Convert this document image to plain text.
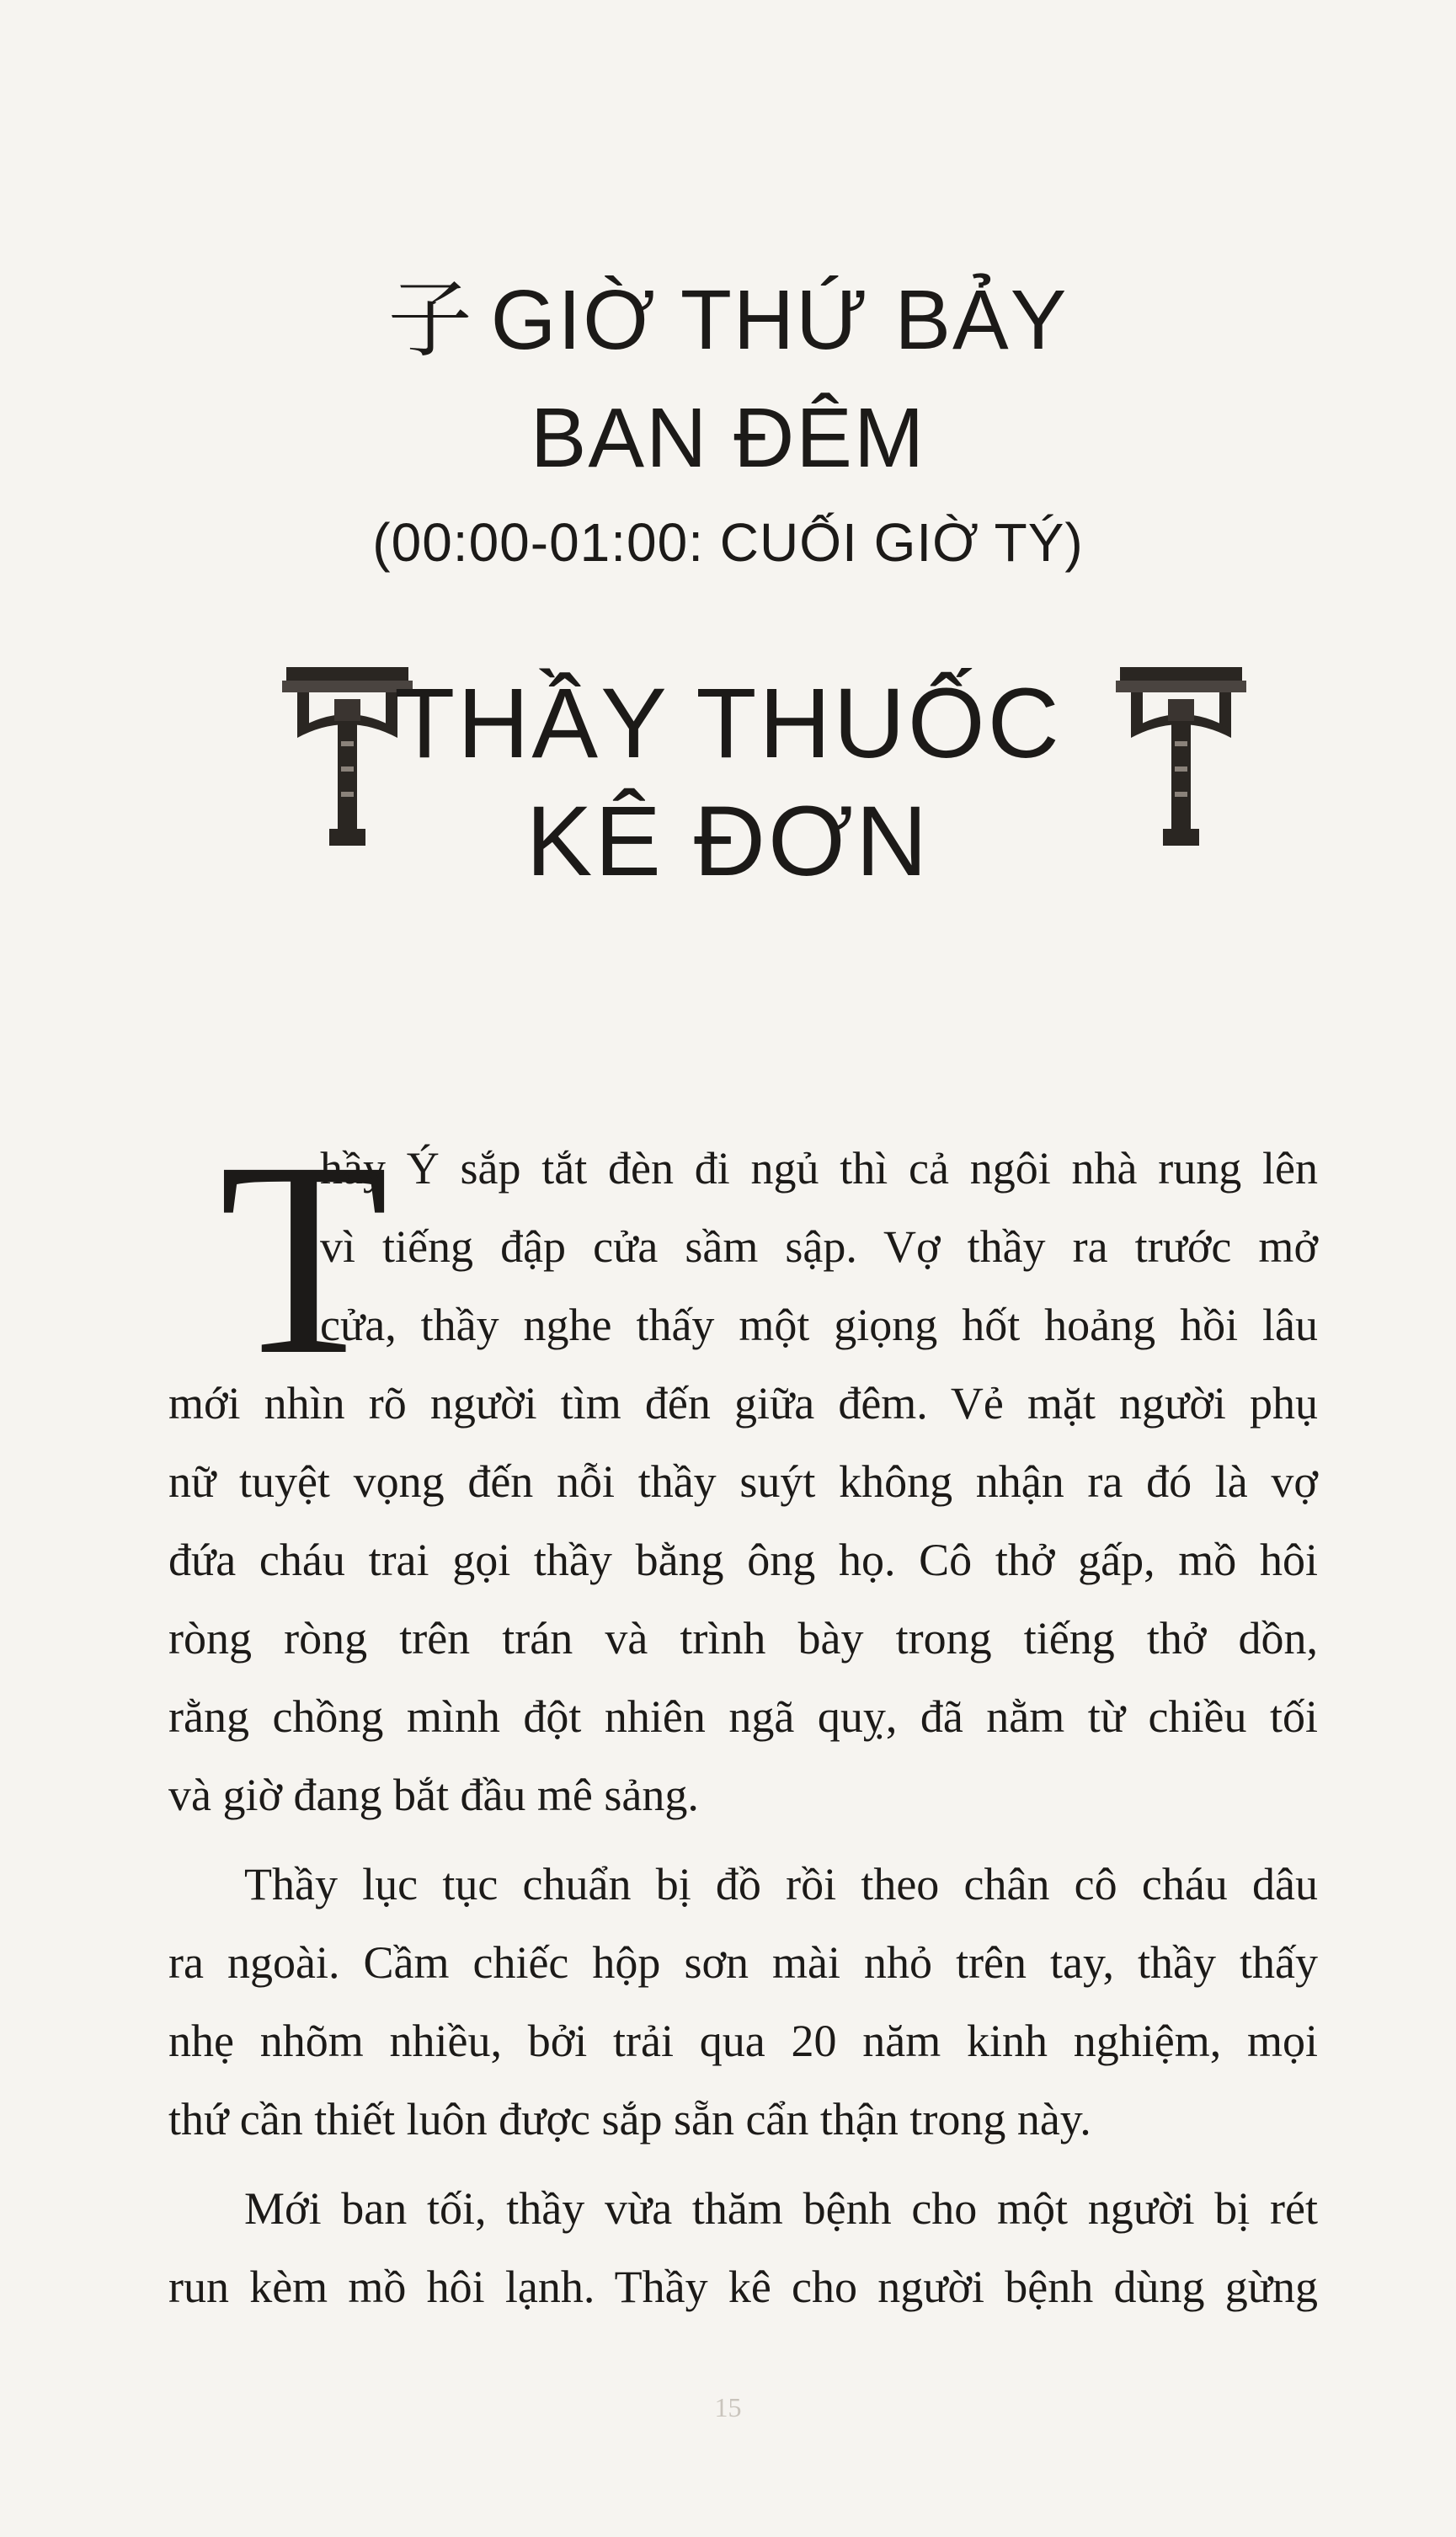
子 GIỜ THỨ BẢY
BAN ĐÊM
(00:00-01:00: CUỐI GIỜ TÝ)
THẦY THUỐC
KÊ ĐƠN
T
hầy Ý sắp tắt đèn đi ngủ thì cả ngôi nhà rung lên
vì tiếng đập cửa sầm sập. Vợ thầy ra trước mở
cửa, thầy nghe thấy một giọng hốt hoảng hồi lâu
mới nhìn rõ người tìm đến giữa đêm. Vẻ mặt người phụ
nữ tuyệt vọng đến nỗi thầy suýt không nhận ra đó là vợ
đứa cháu trai gọi thầy bằng ông họ. Cô thở gấp, mồ hôi
ròng ròng trên trán và trình bày trong tiếng thở dồn,
rằng chồng mình đột nhiên ngã quỵ, đã nằm từ chiều tối
và giờ đang bắt đầu mê sảng.
Thầy lục tục chuẩn bị đồ rồi theo chân cô cháu dâu
ra ngoài. Cầm chiếc hộp sơn mài nhỏ trên tay, thầy thấy
nhẹ nhõm nhiều, bởi trải qua 20 năm kinh nghiệm, mọi
thứ cần thiết luôn được sắp sẵn cẩn thận trong này.
Mới ban tối, thầy vừa thăm bệnh cho một người bị rét
run kèm mồ hôi lạnh. Thầy kê cho người bệnh dùng gừng
15
